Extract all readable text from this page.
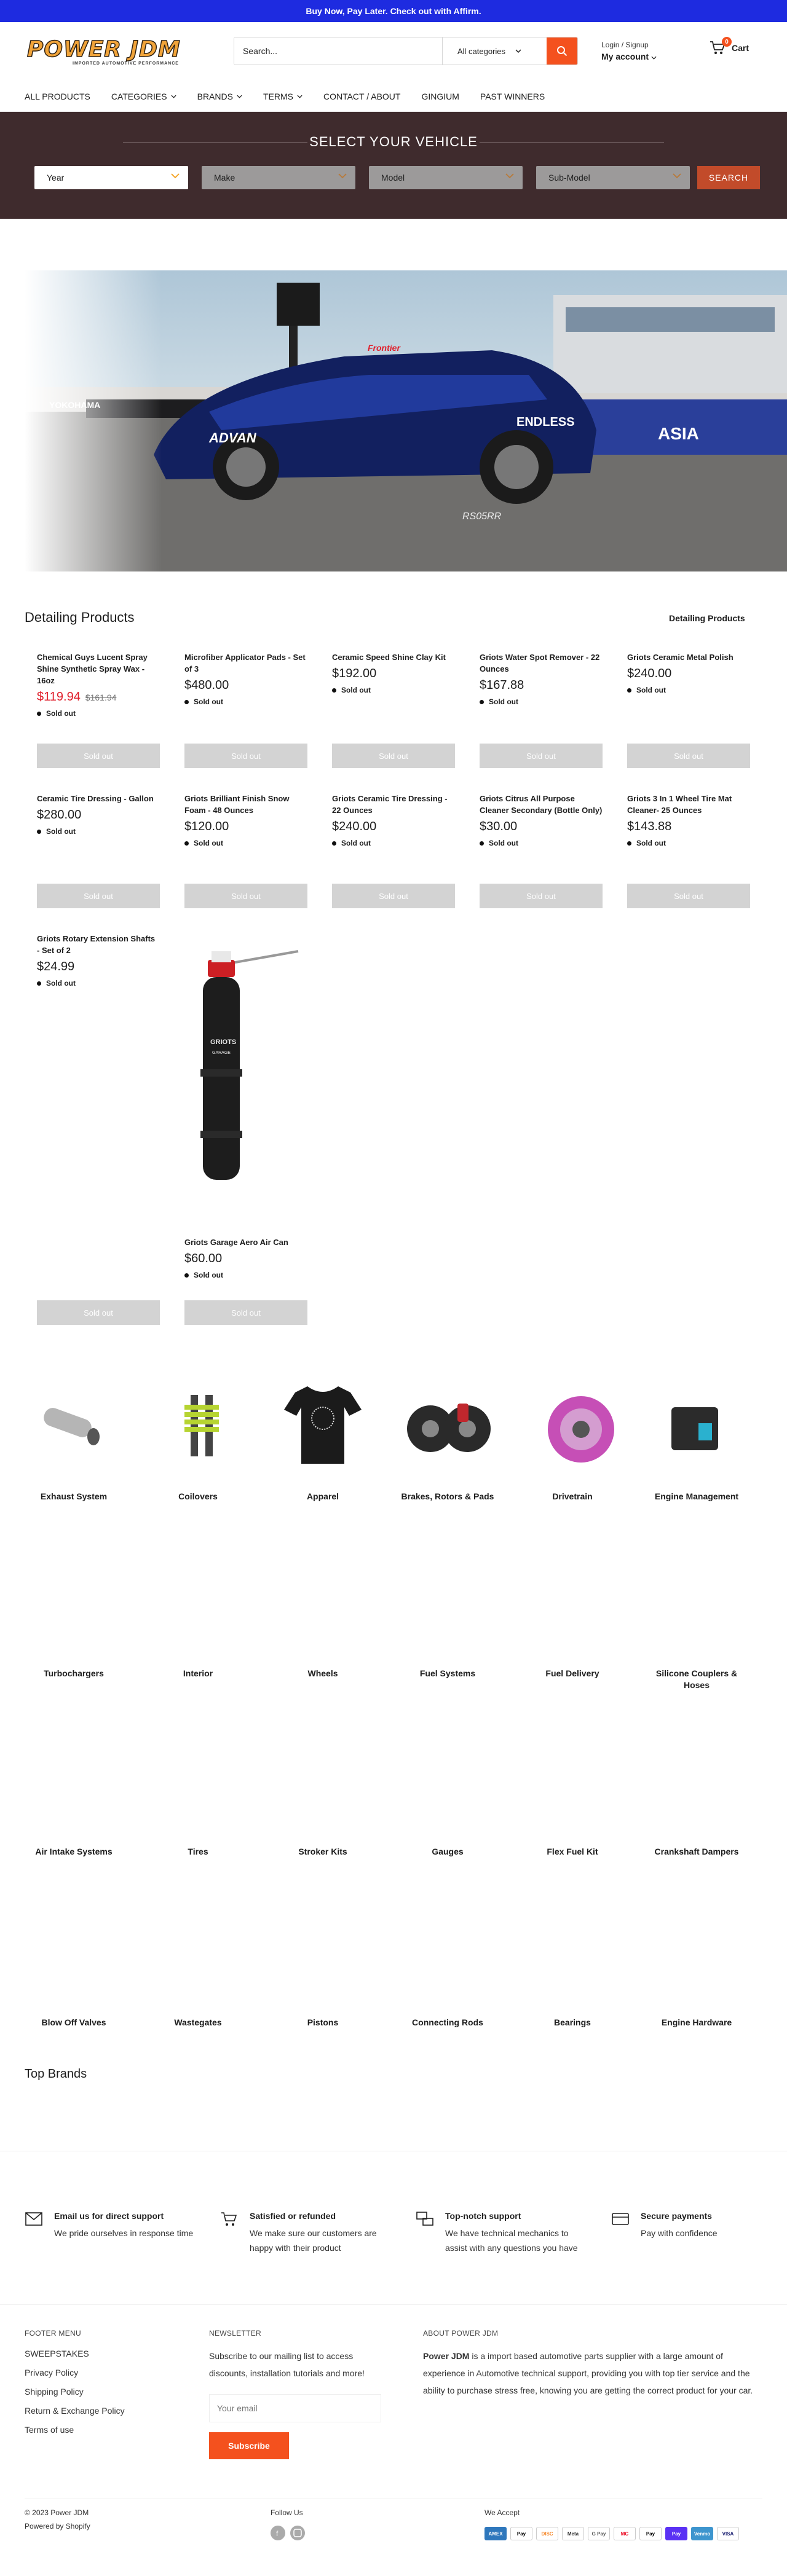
Buy Now, Pay Later. Check out with Affirm.
POWER JDM
IMPORTED AUTOMOTIVE PERFORMANCE
Search...
All categories
Login / Signup
My account
0
Cart
ALL PRODUCTS CATEGORIES	BRANDS	TERMS	CONTACT / ABOUT GINGIUM PAST WINNERS
SELECT YOUR VEHICLE
Year	Make	Model	Sub-Model	SEARCH
Frontier
ADVAN
ENDLESS
YOKOHAMA
ASIA
RS05RR
Detailing Products	Detailing Products
Chemical Guys Lucent Spray Shine Synthetic Spray Wax - 16oz
$119.94 $161.94
Sold out
Microfiber Applicator Pads - Set of 3
$480.00
Sold out
Ceramic Speed Shine Clay Kit
$192.00
Sold out
Griots Water Spot Remover - 22 Ounces
$167.88
Sold out
Griots Ceramic Metal Polish
$240.00
Sold out
Sold out	Sold out	Sold out	Sold out	Sold out
Ceramic Tire Dressing - Gallon
$280.00
Sold out
Griots Brilliant Finish Snow Foam - 48 Ounces
$120.00
Sold out
Griots Ceramic Tire Dressing - 22 Ounces
$240.00
Sold out
Griots Citrus All Purpose Cleaner Secondary (Bottle Only)
$30.00
Sold out
Griots 3 In 1 Wheel Tire Mat Cleaner- 25 Ounces
$143.88
Sold out
Sold out	Sold out	Sold out	Sold out	Sold out
Griots Rotary Extension Shafts - Set of 2
$24.99
Sold out
GRIOTS
GARAGE
Griots Garage Aero Air Can
$60.00
Sold out
Sold out	Sold out
Exhaust System	Coilovers	Apparel	Brakes, Rotors & Pads	Drivetrain	Engine Management
Turbochargers	Interior	Wheels	Fuel Systems	Fuel Delivery	Silicone Couplers & Hoses
Air Intake Systems	Tires	Stroker Kits	Gauges	Flex Fuel Kit	Crankshaft Dampers
Blow Off Valves	Wastegates	Pistons	Connecting Rods	Bearings	Engine Hardware
Top Brands
Email us for direct support
We pride ourselves in response time
Satisfied or refunded
We make sure our customers are happy with their product
Top-notch support
We have technical mechanics to assist with any questions you have
Secure payments
Pay with confidence
FOOTER MENU
SWEEPSTAKES
Privacy Policy
Shipping Policy
Return & Exchange Policy
Terms of use
NEWSLETTER
Subscribe to our mailing list to access discounts, installation tutorials and more!
Your email
Subscribe
ABOUT POWER JDM
Power JDM is a import based automotive parts supplier with a large amount of experience in Automotive technical support, providing you with top tier service and the ability to purchase stress free, knowing you are getting the correct product for your car.
© 2023 Power JDM
Powered by Shopify
Follow Us
f
We Accept
AMEX	Pay	DISC	Meta	G Pay	MC	Pay	Pay	Venmo	VISA
